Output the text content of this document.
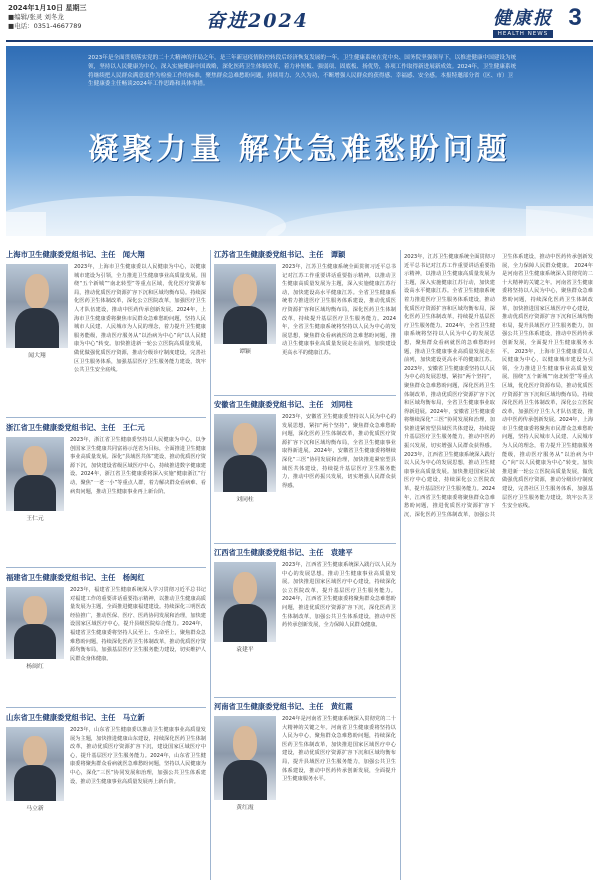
2024年1月10日 星期三
■编辑/张灵 刘冬龙
■电话：0351-4667789	奋进2024	健康报
HEALTH NEWS
3
2023年是全面贯彻落实党的二十大精神的开局之年，是三年新冠疫情防控转段后经济恢复发展的一年。卫生健康系统在党中央、国务院坚强领导下，以推进健康中国建设为统领，坚持以人民健康为中心，深入实施健康中国战略，深化医药卫生体制改革，着力补短板、强弱项、固底板、扬优势，各项工作取得新进展新成效。2024年，卫生健康系统将继续把人民群众满意度作为检验工作的标准，聚焦群众急难愁盼问题，持续用力、久久为功，不断增强人民群众的获得感、幸福感、安全感。本报特邀部分省（区、市）卫生健康委主任畅谈2024年工作思路和具体举措。
凝聚力量 解决急难愁盼问题
上海市卫生健康委党组书记、主任　闻大翔
闻大翔
2023年，上海市卫生健康委以人民健康为中心，以健康城市建设为引领，全力推进卫生健康事业高质量发展。围绕“五个新城”“南北转型”等重点区域，优化医疗资源布局，推动优质医疗资源扩容下沉和区域均衡布局。持续深化医药卫生体制改革，深化公立医院改革，加强医疗卫生人才队伍建设，推动中医药传承创新发展。2024年，上海市卫生健康委将聚焦市民群众急难愁盼问题，坚持人民城市人民建、人民城市为人民的理念，着力提升卫生健康服务能级，推动医疗服务从“以治病为中心”向“以人民健康为中心”转变。加快推进新一轮公立医院高质量发展，做优做强优质医疗资源，推动分级诊疗制度建设，完善社区卫生服务体系，加强基层医疗卫生服务能力建设，筑牢公共卫生安全底线。
浙江省卫生健康委党组书记、主任　王仁元
王仁元
2023年，浙江省卫生健康委坚持以人民健康为中心，以争创国家卫生健康共同富裕示范省为目标，全面推进卫生健康事业高质量发展。深化“县域医共体”建设，推动优质医疗资源下沉，加快建设省级区域医疗中心，持续推进数字健康建设。2024年，浙江省卫生健康委将深入实施“健康浙江”行动，聚焦“一老一小”等重点人群，着力解决群众看病难、看病贵问题，推动卫生健康事业再上新台阶。
福建省卫生健康委党组书记、主任　杨闽红
杨闽红
2023年，福建省卫生健康系统深入学习贯彻习近平总书记对福建工作的重要讲话重要指示精神，以推动卫生健康高质量发展为主题，全面推进健康福建建设。持续深化三明医改经验推广，推动医保、医疗、医药协同发展和治理，加快建设国家区域医疗中心，提升县级医院综合能力。2024年，福建省卫生健康委将坚持人民至上、生命至上，聚焦群众急难愁盼问题，持续深化医药卫生体制改革，推动优质医疗资源均衡布局，加强基层医疗卫生服务能力建设，切实维护人民群众身体健康。
山东省卫生健康委党组书记、主任　马立新
马立新
2023年，山东省卫生健康委以推动卫生健康事业高质量发展为主题，加快推进健康山东建设，持续深化医药卫生体制改革，推动优质医疗资源扩容下沉，建设国家区域医疗中心，提升基层医疗卫生服务能力。2024年，山东省卫生健康委将聚焦群众看病就医急难愁盼问题，坚持以人民健康为中心，深化“三医”协同发展和治理，加强公共卫生体系建设，推动卫生健康事业高质量发展再上新台阶。
江苏省卫生健康委党组书记、主任　谭颖
谭颖
2023年，江苏卫生健康系统全面贯彻习近平总书记对江苏工作重要讲话重要指示精神，以推动卫生健康高质量发展为主题，深入实施健康江苏行动，加快建设高水平健康江苏。全省卫生健康系统着力推进医疗卫生服务体系建设，推动优质医疗资源扩容和区域均衡布局，深化医药卫生体制改革，持续提升基层医疗卫生服务能力。2024年，全省卫生健康系统将坚持以人民为中心的发展思想，聚焦群众看病就医的急难愁盼问题，推动卫生健康事业高质量发展走在前列，加快建设更高水平的健康江苏。
安徽省卫生健康委党组书记、主任　刘同柱
刘同柱
2023年，安徽省卫生健康委坚持以人民为中心的发展思想，紧扣“两个坚持”，聚焦群众急难愁盼问题，深化医药卫生体制改革，推动优质医疗资源扩容下沉和区域均衡布局，全省卫生健康事业取得新进展。2024年，安徽省卫生健康委将继续深化“三医”协同发展和治理，加快推进紧密型县域医共体建设，持续提升基层医疗卫生服务能力，推动中医药振兴发展，切实增强人民群众获得感。
江西省卫生健康委党组书记、主任　袁建平
袁建平
2023年，江西省卫生健康系统深入践行以人民为中心的发展思想，推动卫生健康事业高质量发展。加快推进国家区域医疗中心建设，持续深化公立医院改革，提升基层医疗卫生服务能力。2024年，江西省卫生健康委将聚焦群众急难愁盼问题，推进优质医疗资源扩容下沉，深化医药卫生体制改革，加强公共卫生体系建设，推动中医药传承创新发展，全力保障人民群众健康。
河南省卫生健康委党组书记、主任　黄红霞
黄红霞
2024年是河南省卫生健康系统深入贯彻党的二十大精神的关键之年。河南省卫生健康委将坚持以人民为中心，聚焦群众急难愁盼问题，持续深化医药卫生体制改革，加快推进国家区域医疗中心建设，推动优质医疗资源扩容下沉和区域均衡布局，提升县域医疗卫生服务能力，加强公共卫生体系建设，推动中医药传承创新发展，全面提升卫生健康服务水平。
2023年，江苏卫生健康系统全面贯彻习近平总书记对江苏工作重要讲话重要指示精神，以推动卫生健康高质量发展为主题，深入实施健康江苏行动，加快建设高水平健康江苏。全省卫生健康系统着力推进医疗卫生服务体系建设，推动优质医疗资源扩容和区域均衡布局，深化医药卫生体制改革，持续提升基层医疗卫生服务能力。2024年，全省卫生健康系统将坚持以人民为中心的发展思想，聚焦群众看病就医的急难愁盼问题，推动卫生健康事业高质量发展走在前列，加快建设更高水平的健康江苏。 2023年，安徽省卫生健康委坚持以人民为中心的发展思想，紧扣“两个坚持”，聚焦群众急难愁盼问题，深化医药卫生体制改革，推动优质医疗资源扩容下沉和区域均衡布局，全省卫生健康事业取得新进展。2024年，安徽省卫生健康委将继续深化“三医”协同发展和治理，加快推进紧密型县域医共体建设，持续提升基层医疗卫生服务能力，推动中医药振兴发展，切实增强人民群众获得感。 2023年，江西省卫生健康系统深入践行以人民为中心的发展思想，推动卫生健康事业高质量发展。加快推进国家区域医疗中心建设，持续深化公立医院改革，提升基层医疗卫生服务能力。2024年，江西省卫生健康委将聚焦群众急难愁盼问题，推进优质医疗资源扩容下沉，深化医药卫生体制改革，加强公共卫生体系建设，推动中医药传承创新发展，全力保障人民群众健康。 2024年是河南省卫生健康系统深入贯彻党的二十大精神的关键之年。河南省卫生健康委将坚持以人民为中心，聚焦群众急难愁盼问题，持续深化医药卫生体制改革，加快推进国家区域医疗中心建设，推动优质医疗资源扩容下沉和区域均衡布局，提升县域医疗卫生服务能力，加强公共卫生体系建设，推动中医药传承创新发展，全面提升卫生健康服务水平。 2023年，上海市卫生健康委以人民健康为中心，以健康城市建设为引领，全力推进卫生健康事业高质量发展。围绕“五个新城”“南北转型”等重点区域，优化医疗资源布局，推动优质医疗资源扩容下沉和区域均衡布局。持续深化医药卫生体制改革，深化公立医院改革，加强医疗卫生人才队伍建设，推动中医药传承创新发展。2024年，上海市卫生健康委将聚焦市民群众急难愁盼问题，坚持人民城市人民建、人民城市为人民的理念，着力提升卫生健康服务能级，推动医疗服务从“以治病为中心”向“以人民健康为中心”转变。加快推进新一轮公立医院高质量发展，做优做强优质医疗资源，推动分级诊疗制度建设，完善社区卫生服务体系，加强基层医疗卫生服务能力建设，筑牢公共卫生安全底线。
